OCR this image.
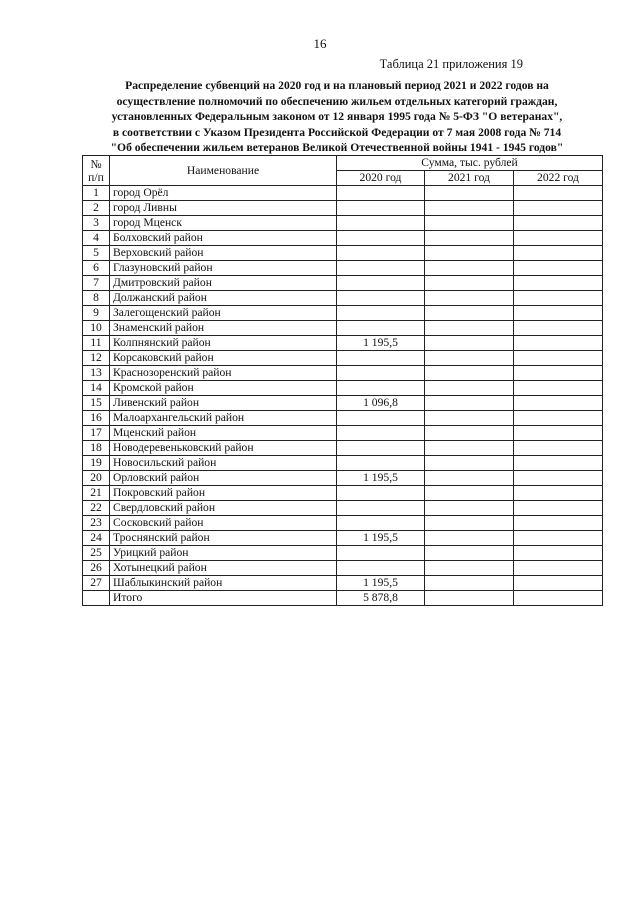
16
Таблица 21 приложения 19
Распределение субвенций на 2020 год и на плановый период 2021 и 2022 годов на
осуществление полномочий по обеспечению жильем отдельных категорий граждан,
установленных Федеральным законом от 12 января 1995 года № 5-ФЗ "О ветеранах",
в соответствии с Указом Президента Российской Федерации от 7 мая 2008 года № 714
"Об обеспечении жильем ветеранов Великой Отечественной войны 1941 - 1945 годов"
№ п/п	Наименование	Сумма, тыс. рублей		
		2020 год	2021 год	2022 год
1	город Орёл			
2	город Ливны			
3	город Мценск			
4	Болховский район			
5	Верховский район			
6	Глазуновский район			
7	Дмитровский район			
8	Должанский район			
9	Залегощенский район			
10	Знаменский район			
11	Колпнянский район	1 195,5		
12	Корсаковский район			
13	Краснозоренский район			
14	Кромской район			
15	Ливенский район	1 096,8		
16	Малоархангельский район			
17	Мценский район			
18	Новодеревеньковский район			
19	Новосильский район			
20	Орловский район	1 195,5		
21	Покровский район			
22	Свердловский район			
23	Сосковский район			
24	Троснянский район	1 195,5		
25	Урицкий район			
26	Хотынецкий район			
27	Шаблыкинский район	1 195,5		
	Итого	5 878,8		
